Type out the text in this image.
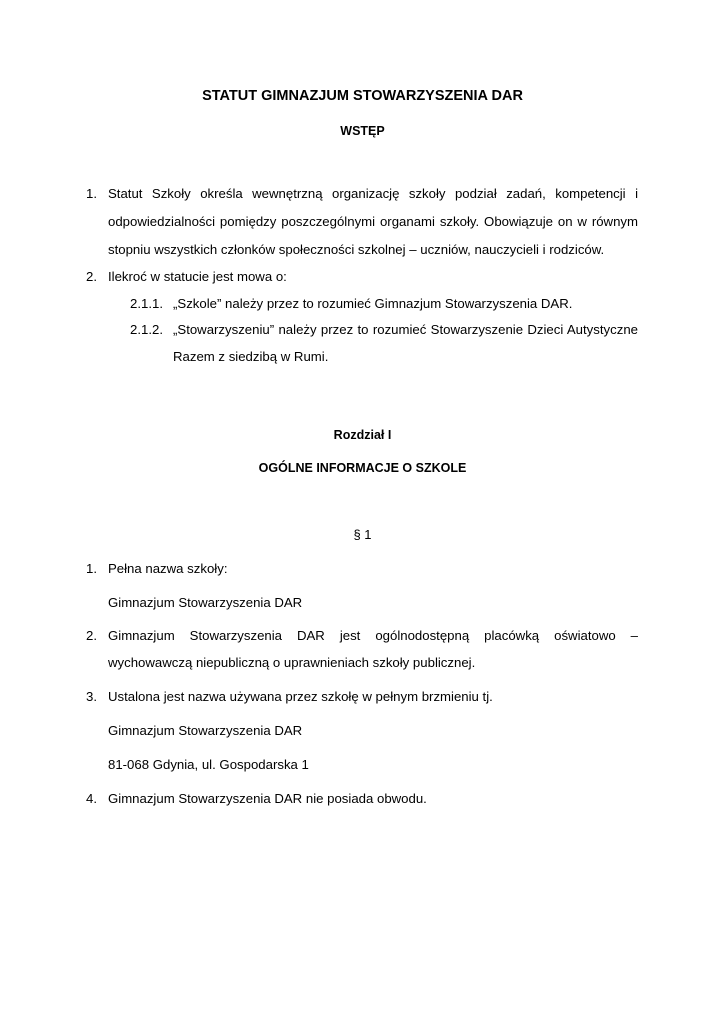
STATUT GIMNAZJUM STOWARZYSZENIA DAR
WSTĘP
1. Statut Szkoły określa wewnętrzną organizację szkoły podział zadań, kompetencji i
odpowiedzialności pomiędzy poszczególnymi organami szkoły. Obowiązuje on w równym
stopniu wszystkich członków społeczności szkolnej – uczniów, nauczycieli i rodziców.
2. Ilekroć w statucie jest mowa o:
2.1.1. „Szkole” należy przez to rozumieć Gimnazjum Stowarzyszenia DAR.
2.1.2. „Stowarzyszeniu” należy przez to rozumieć Stowarzyszenie Dzieci Autystyczne
Razem z siedzibą w Rumi.
Rozdział I
OGÓLNE INFORMACJE O SZKOLE
§ 1
1. Pełna nazwa szkoły:
Gimnazjum Stowarzyszenia DAR
2. Gimnazjum Stowarzyszenia DAR jest ogólnodostępną placówką oświatowo –
wychowawczą niepubliczną o uprawnieniach szkoły publicznej.
3. Ustalona jest nazwa używana przez szkołę w pełnym brzmieniu tj.
Gimnazjum Stowarzyszenia DAR
81-068 Gdynia, ul. Gospodarska 1
4. Gimnazjum Stowarzyszenia DAR nie posiada obwodu.
